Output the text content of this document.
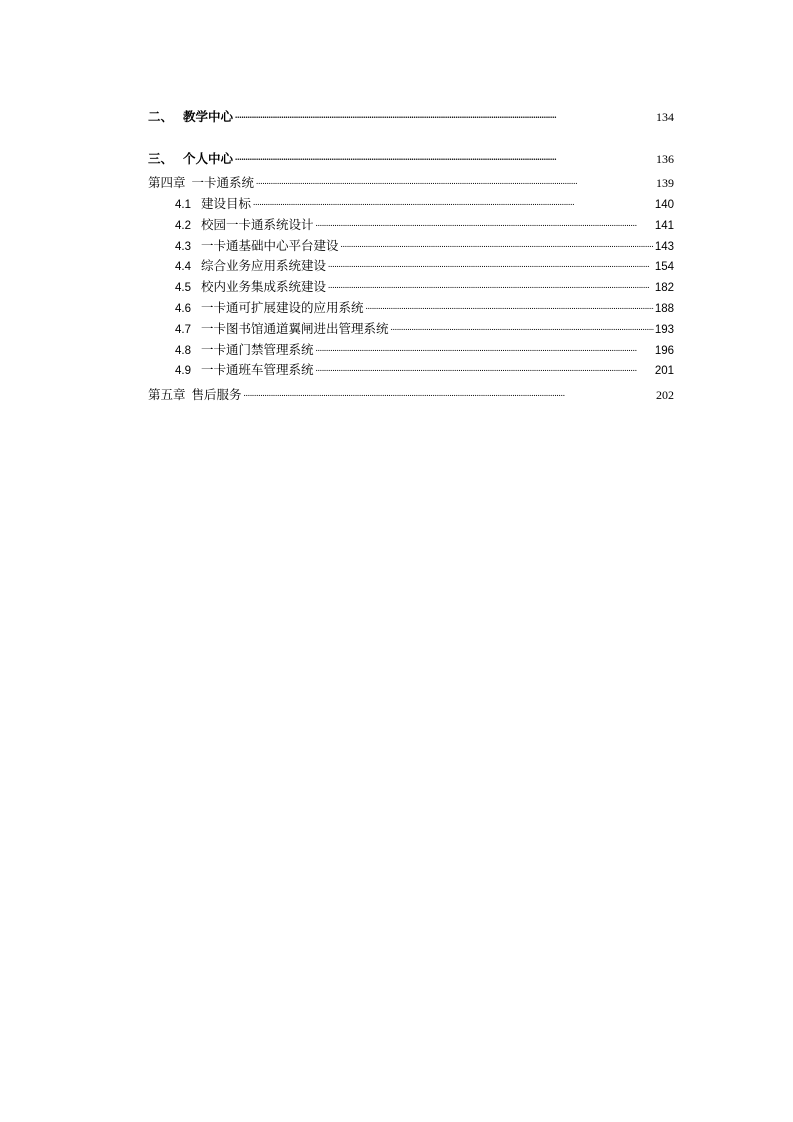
二、 教学中心 . . .	134
三、 个人中心 . . .	136
第四章 一卡通系统 . . .	139
4.1 建设目标 . . .	140
4.2 校园一卡通系统设计 . . .	141
4.3 一卡通基础中心平台建设 . . .	143
4.4 综合业务应用系统建设 . . .	154
4.5 校内业务集成系统建设 . . .	182
4.6 一卡通可扩展建设的应用系统 . . .	188
4.7 一卡图书馆通道翼闸进出管理系统 . . .	193
4.8 一卡通门禁管理系统 . . .	196
4.9 一卡通班车管理系统 . . .	201
第五章 售后服务 . . .	202
